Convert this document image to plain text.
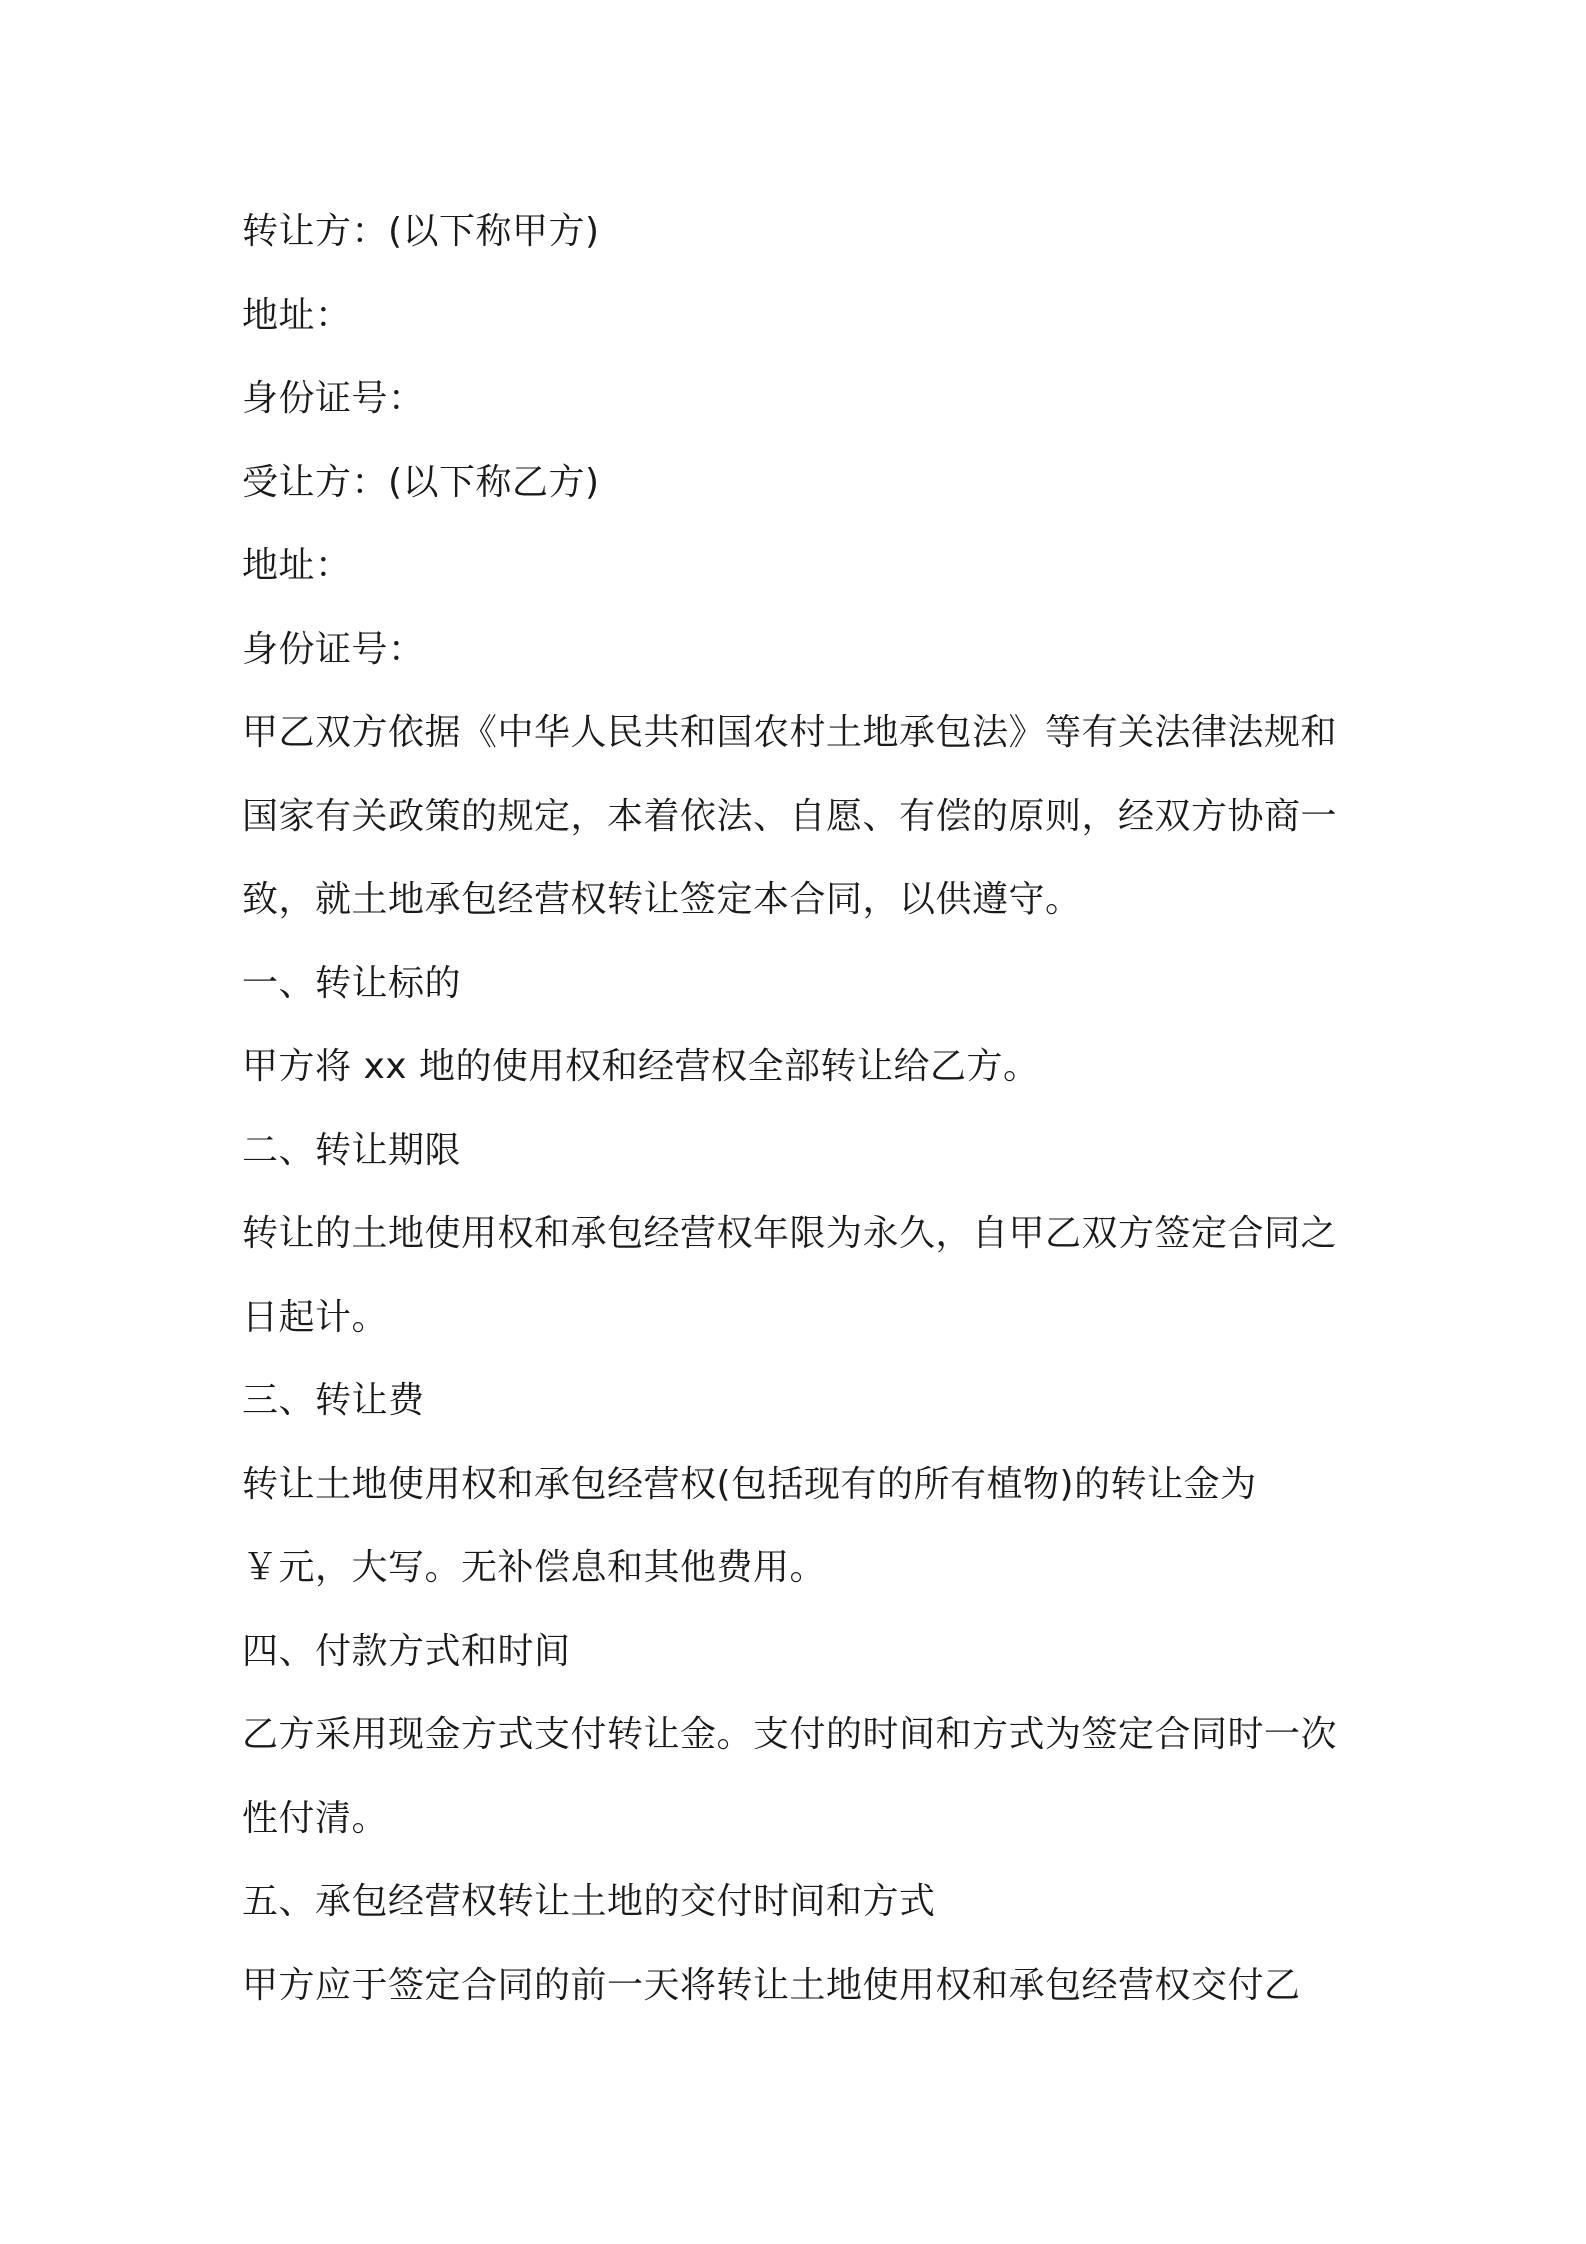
转让方：(以下称甲方)
地址：
身份证号：
受让方：(以下称乙方)
地址：
身份证号：
甲乙双方依据《中华人民共和国农村土地承包法》等有关法律法规和
国家有关政策的规定，本着依法、自愿、有偿的原则，经双方协商一
致，就土地承包经营权转让签定本合同，以供遵守。
一、转让标的
甲方将 xx 地的使用权和经营权全部转让给乙方。
二、转让期限
转让的土地使用权和承包经营权年限为永久，自甲乙双方签定合同之
日起计。
三、转让费
转让土地使用权和承包经营权(包括现有的所有植物)的转让金为
￥元，大写。无补偿息和其他费用。
四、付款方式和时间
乙方采用现金方式支付转让金。支付的时间和方式为签定合同时一次
性付清。
五、承包经营权转让土地的交付时间和方式
甲方应于签定合同的前一天将转让土地使用权和承包经营权交付乙
